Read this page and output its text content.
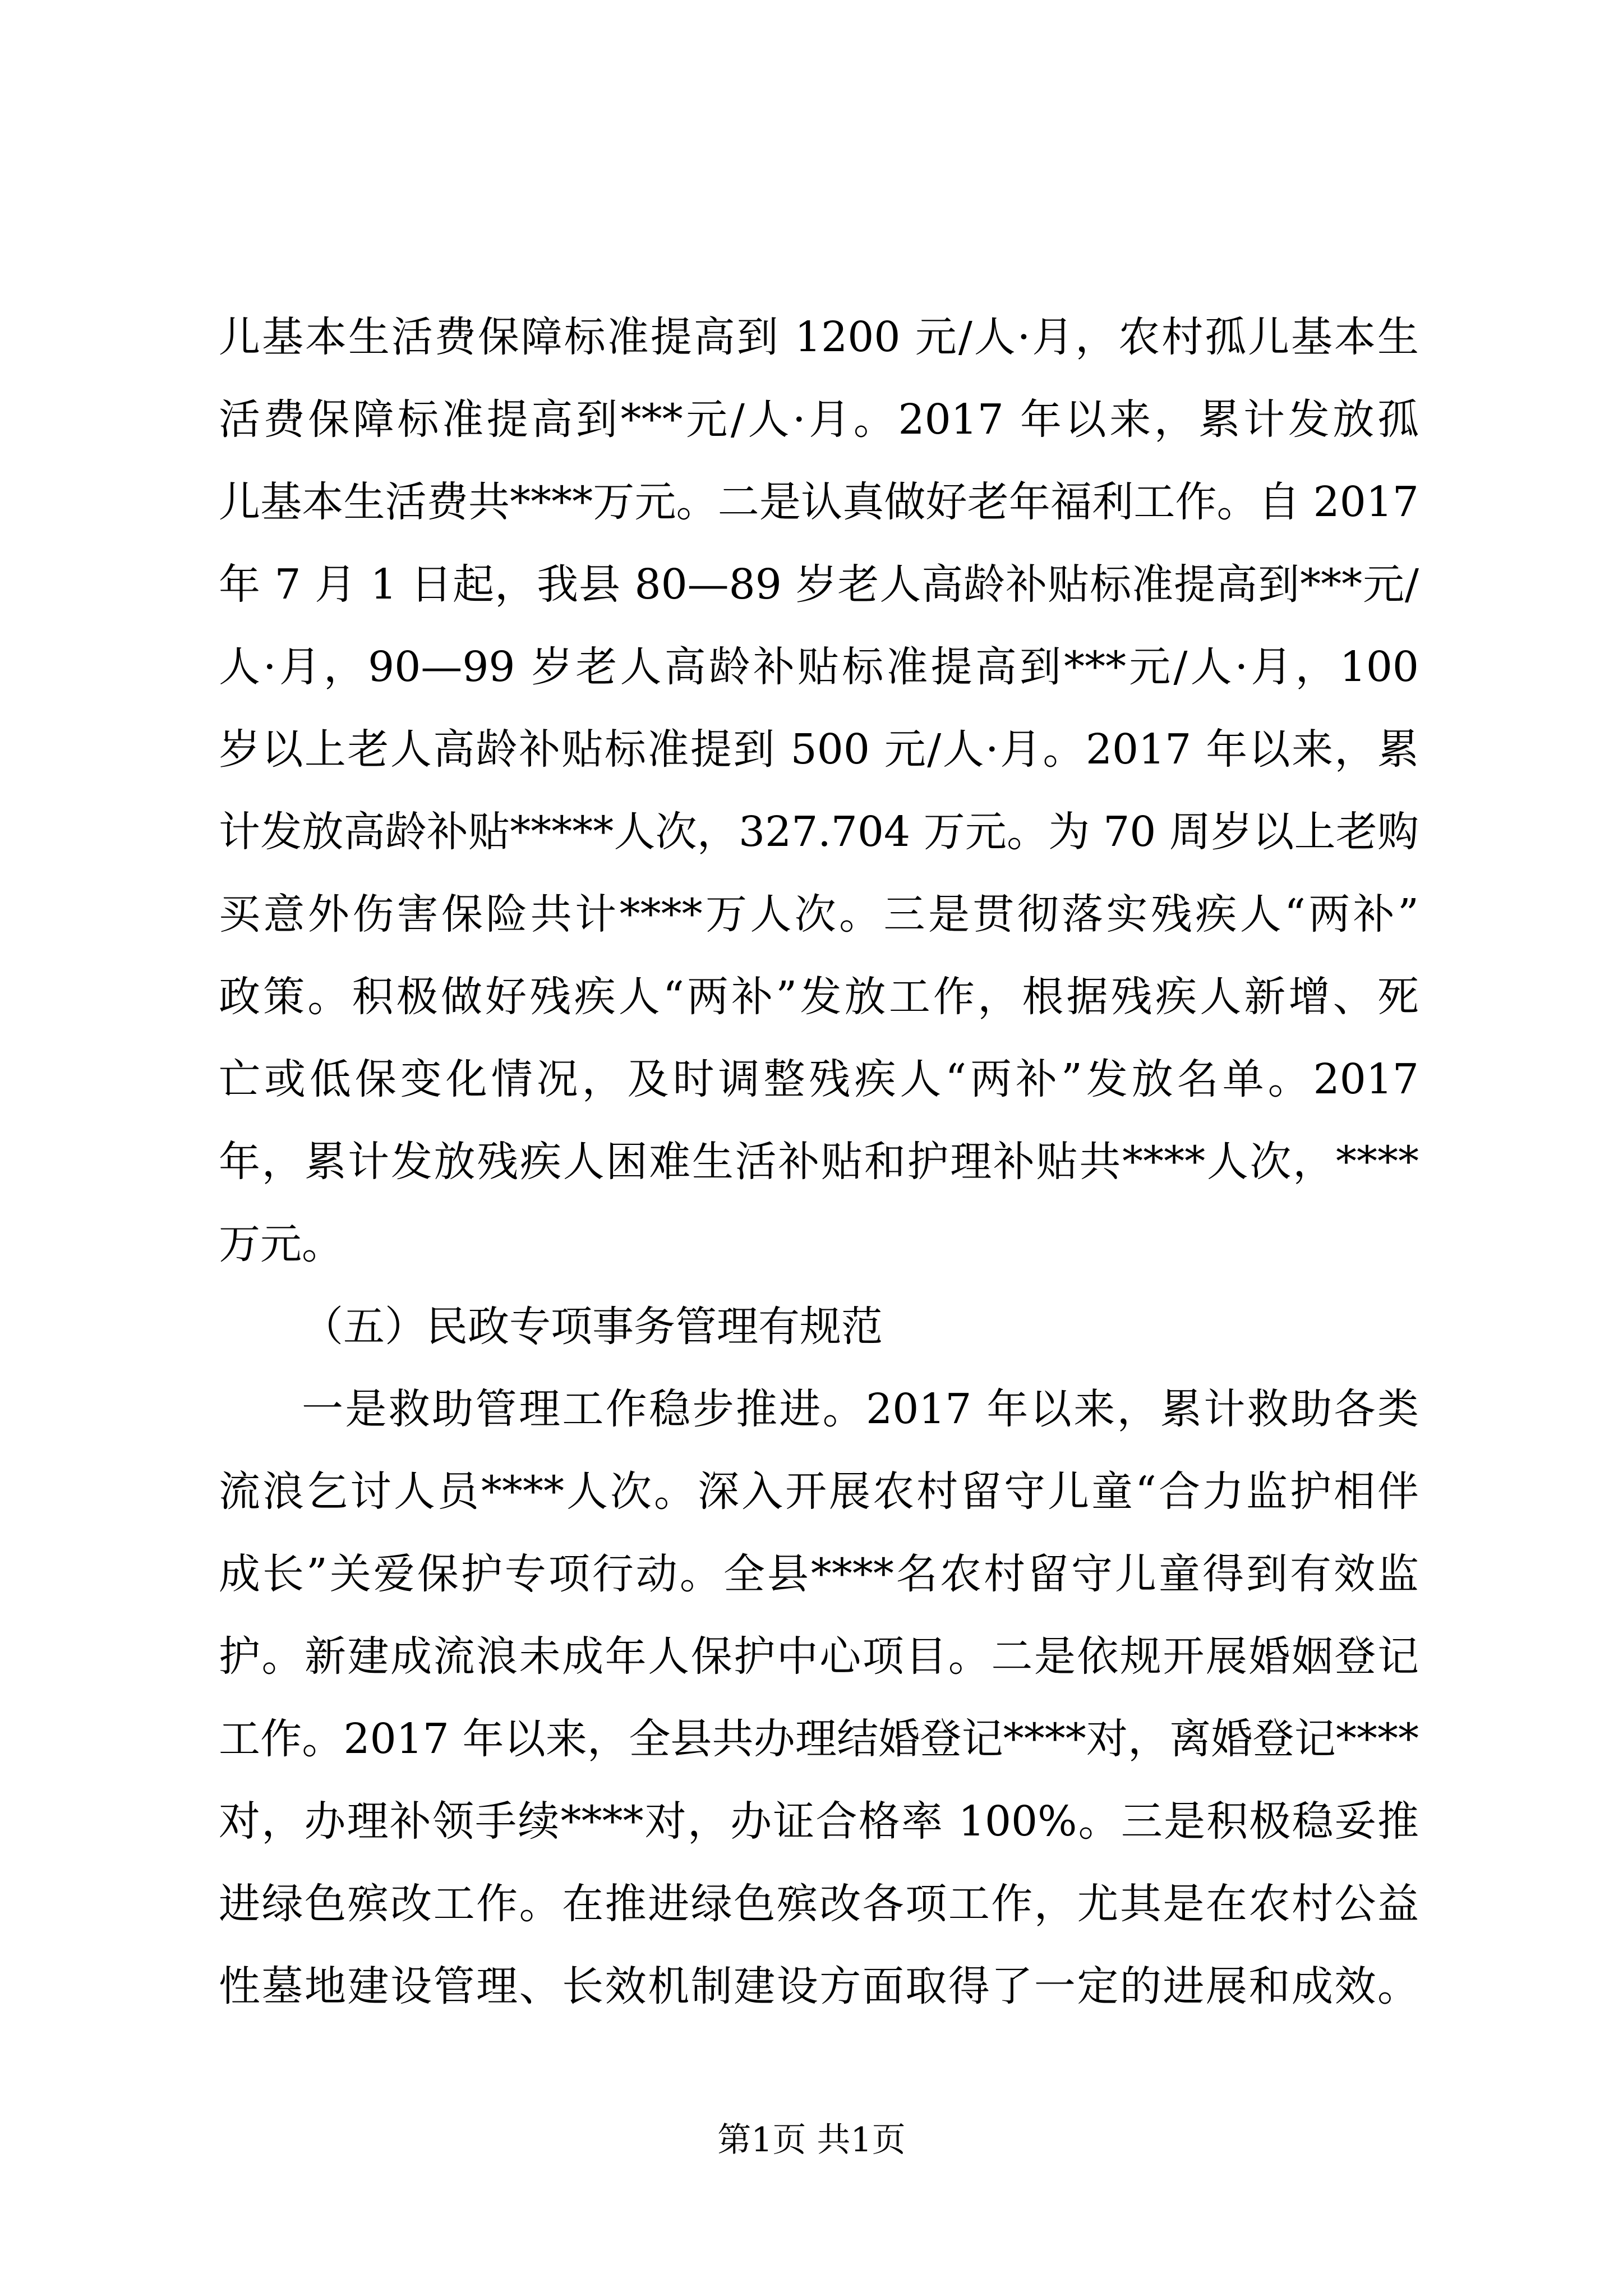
儿基本生活费保障标准提高到 1200 元/人·月，农村孤儿基本生
活费保障标准提高到***元/人·月。2017 年以来，累计发放孤
儿基本生活费共****万元。二是认真做好老年福利工作。自 2017
年 7 月 1 日起，我县 80—89 岁老人高龄补贴标准提高到***元/
人·月，90—99 岁老人高龄补贴标准提高到***元/人·月，100
岁以上老人高龄补贴标准提到 500 元/人·月。2017 年以来，累
计发放高龄补贴*****人次，327.704 万元。为 70 周岁以上老购
买意外伤害保险共计****万人次。三是贯彻落实残疾人“两补”
政策。积极做好残疾人“两补”发放工作，根据残疾人新增、死
亡或低保变化情况，及时调整残疾人“两补”发放名单。2017
年，累计发放残疾人困难生活补贴和护理补贴共****人次，****
万元。
（五）民政专项事务管理有规范
一是救助管理工作稳步推进。2017 年以来，累计救助各类
流浪乞讨人员****人次。深入开展农村留守儿童“合力监护相伴
成长”关爱保护专项行动。全县****名农村留守儿童得到有效监
护。新建成流浪未成年人保护中心项目。二是依规开展婚姻登记
工作。2017 年以来，全县共办理结婚登记****对，离婚登记****
对，办理补领手续****对，办证合格率 100%。三是积极稳妥推
进绿色殡改工作。在推进绿色殡改各项工作，尤其是在农村公益
性墓地建设管理、长效机制建设方面取得了一定的进展和成效。
第1页 共1页
